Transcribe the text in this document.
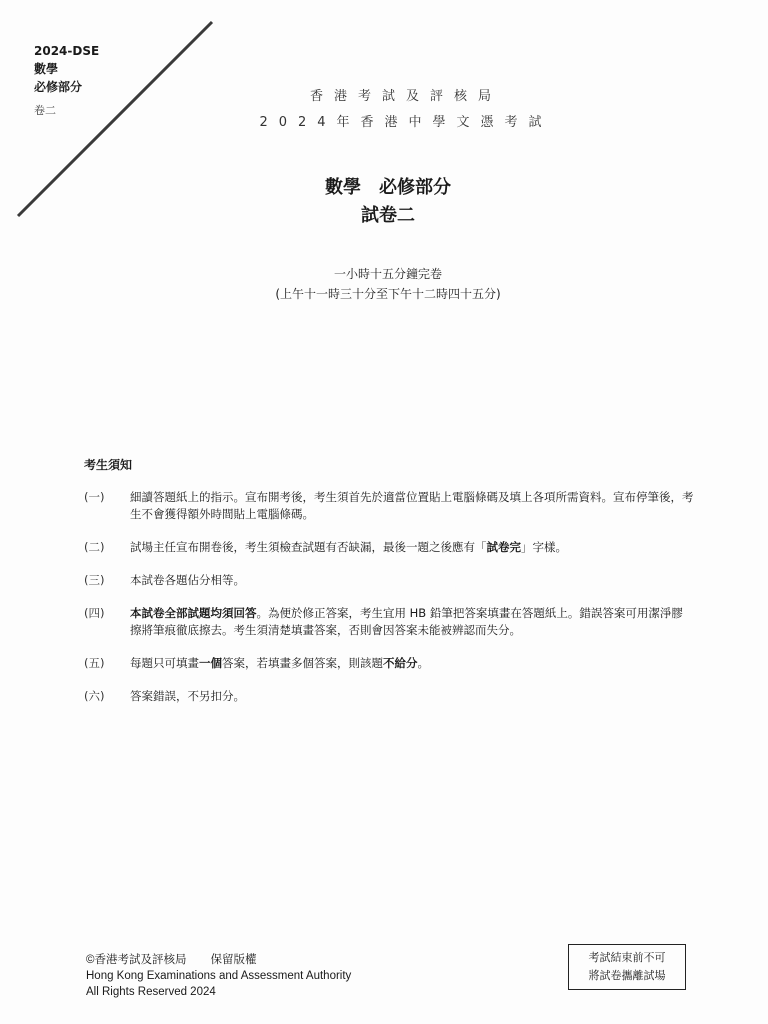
2024-DSE
數學
必修部分
卷二
香港考試及評核局
2024年香港中學文憑考試
數學　必修部分
試卷二
一小時十五分鐘完卷
(上午十一時三十分至下午十二時四十五分)
考生須知
(一)	細讀答題紙上的指示。宣布開考後，考生須首先於適當位置貼上電腦條碼及填上各項所需資料。宣布停筆後，考生不會獲得額外時間貼上電腦條碼。
(二)	試場主任宣布開卷後，考生須檢查試題有否缺漏，最後一題之後應有「試卷完」字樣。
(三)	本試卷各題佔分相等。
(四)	本試卷全部試題均須回答。為便於修正答案，考生宜用 HB 鉛筆把答案填畫在答題紙上。錯誤答案可用潔淨膠擦將筆痕徹底擦去。考生須清楚填畫答案，否則會因答案未能被辨認而失分。
(五)	每題只可填畫一個答案，若填畫多個答案，則該題不給分。
(六)	答案錯誤，不另扣分。
©香港考試及評核局 保留版權
Hong Kong Examinations and Assessment Authority
All Rights Reserved 2024
考試結束前不可
將試卷攜離試場
